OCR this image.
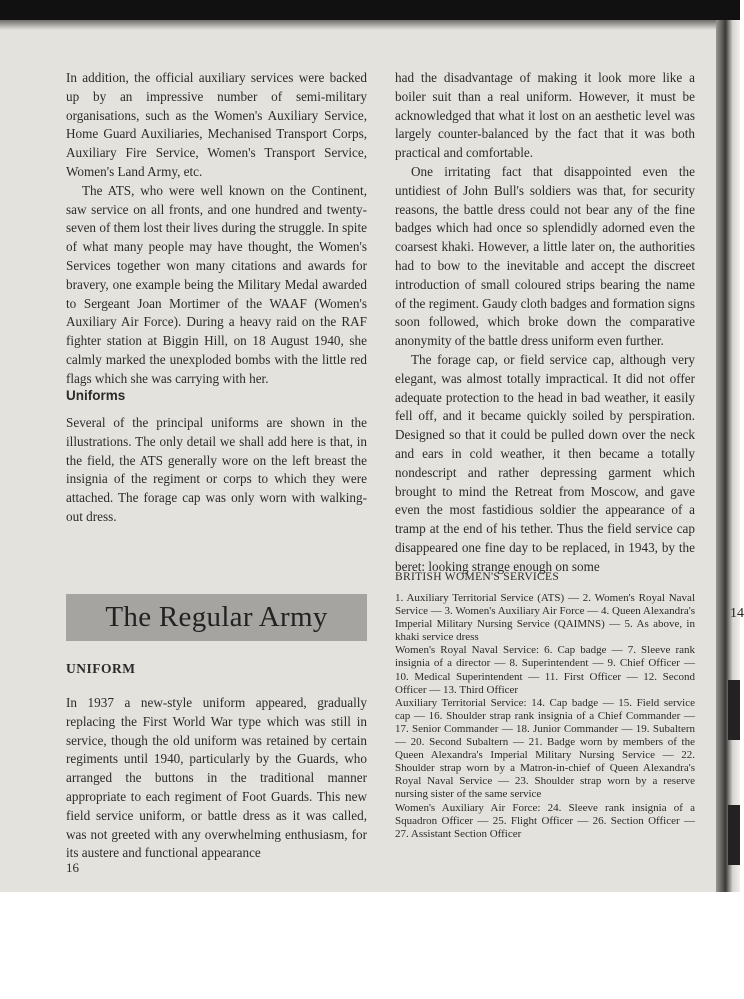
14

In addition, the official auxiliary services were backed up by an impressive number of semi-military organisations, such as the Women's Auxiliary Service, Home Guard Auxiliaries, Mechanised Transport Corps, Auxiliary Fire Service, Women's Transport Service, Women's Land Army, etc.

The ATS, who were well known on the Continent, saw service on all fronts, and one hundred and twenty-seven of them lost their lives during the struggle. In spite of what many people may have thought, the Women's Services together won many citations and awards for bravery, one example being the Military Medal awarded to Sergeant Joan Mortimer of the WAAF (Women's Auxiliary Air Force). During a heavy raid on the RAF fighter station at Biggin Hill, on 18 August 1940, she calmly marked the unexploded bombs with the little red flags which she was carrying with her.

Uniforms

Several of the principal uniforms are shown in the illustrations. The only detail we shall add here is that, in the field, the ATS generally wore on the left breast the insignia of the regiment or corps to which they were attached. The forage cap was only worn with walking-out dress.

The Regular Army
UNIFORM

In 1937 a new-style uniform appeared, gradually replacing the First World War type which was still in service, though the old uniform was retained by certain regiments until 1940, particularly by the Guards, who arranged the buttons in the traditional manner appropriate to each regiment of Foot Guards. This new field service uniform, or battle dress as it was called, was not greeted with any overwhelming enthusiasm, for its austere and functional appearance

had the disadvantage of making it look more like a boiler suit than a real uniform. However, it must be acknowledged that what it lost on an aesthetic level was largely counter-balanced by the fact that it was both practical and comfortable.

One irritating fact that disappointed even the untidiest of John Bull's soldiers was that, for security reasons, the battle dress could not bear any of the fine badges which had once so splendidly adorned even the coarsest khaki. However, a little later on, the authorities had to bow to the inevitable and accept the discreet introduction of small coloured strips bearing the name of the regiment. Gaudy cloth badges and formation signs soon followed, which broke down the comparative anonymity of the battle dress uniform even further.

The forage cap, or field service cap, although very elegant, was almost totally impractical. It did not offer adequate protection to the head in bad weather, it easily fell off, and it became quickly soiled by perspiration. Designed so that it could be pulled down over the neck and ears in cold weather, it then became a totally nondescript and rather depressing garment which brought to mind the Retreat from Moscow, and gave even the most fastidious soldier the appearance of a tramp at the end of his tether. Thus the field service cap disappeared one fine day to be replaced, in 1943, by the beret: looking strange enough on some

BRITISH WOMEN'S SERVICES

1. Auxiliary Territorial Service (ATS) — 2. Women's Royal Naval Service — 3. Women's Auxiliary Air Force — 4. Queen Alexandra's Imperial Military Nursing Service (QAIMNS) — 5. As above, in khaki service dress

Women's Royal Naval Service: 6. Cap badge — 7. Sleeve rank insignia of a director — 8. Superintendent — 9. Chief Officer — 10. Medical Superintendent — 11. First Officer — 12. Second Officer — 13. Third Officer

Auxiliary Territorial Service: 14. Cap badge — 15. Field service cap — 16. Shoulder strap rank insignia of a Chief Commander — 17. Senior Commander — 18. Junior Commander — 19. Subaltern — 20. Second Subaltern — 21. Badge worn by members of the Queen Alexandra's Imperial Military Nursing Service — 22. Shoulder strap worn by a Matron-in-chief of Queen Alexandra's Royal Naval Service — 23. Shoulder strap worn by a reserve nursing sister of the same service

Women's Auxiliary Air Force: 24. Sleeve rank insignia of a Squadron Officer — 25. Flight Officer — 26. Section Officer — 27. Assistant Section Officer

16
